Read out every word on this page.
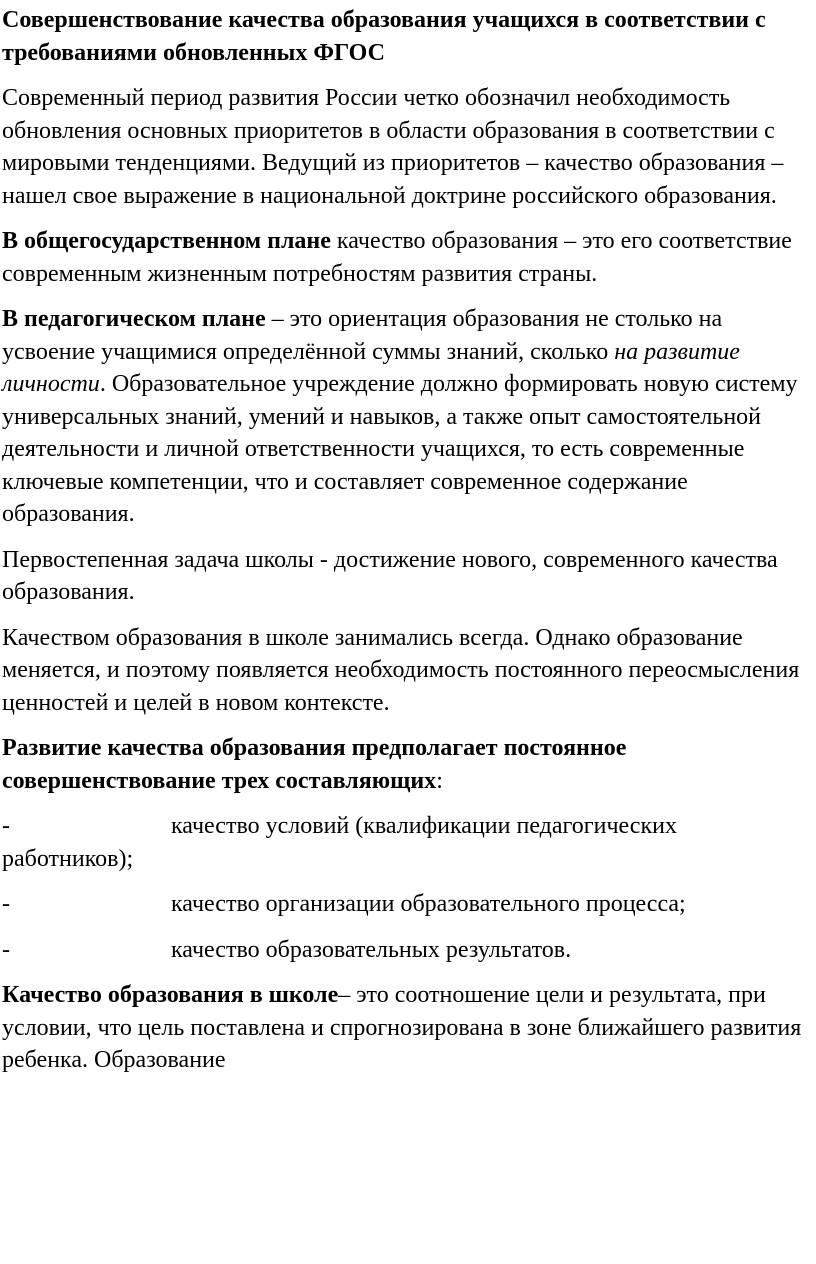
Совершенствование качества образования учащихся в соответствии с требованиями обновленных ФГОС

Современный период развития России четко обозначил необходимость обновления основных приоритетов в области образования в соответствии с мировыми тенденциями. Ведущий из приоритетов – качество образования – нашел свое выражение в национальной доктрине российского образования.

В общегосударственном плане качество образования – это его соответствие современным жизненным потребностям развития страны.

В педагогическом плане – это ориентация образования не столько на усвоение учащимися определённой суммы знаний, сколько на развитие личности. Образовательное учреждение должно формировать новую систему универсальных знаний, умений и навыков, а также опыт самостоятельной деятельности и личной ответственности учащихся, то есть современные ключевые компетенции, что и составляет современное содержание образования.

Первостепенная задача школы - достижение нового, современного качества образования.

Качеством образования в школе занимались всегда. Однако образование меняется, и поэтому появляется необходимость постоянного переосмысления ценностей и целей в новом контексте.

Развитие качества образования предполагает постоянное совершенствование трех составляющих:

-	качество условий (квалификации педагогических работников);
-	качество организации образовательного процесса;
-	качество образовательных результатов.

Качество образования в школе– это соотношение цели и результата, при условии, что цель поставлена и спрогнозирована в зоне ближайшего развития ребенка. Образование
